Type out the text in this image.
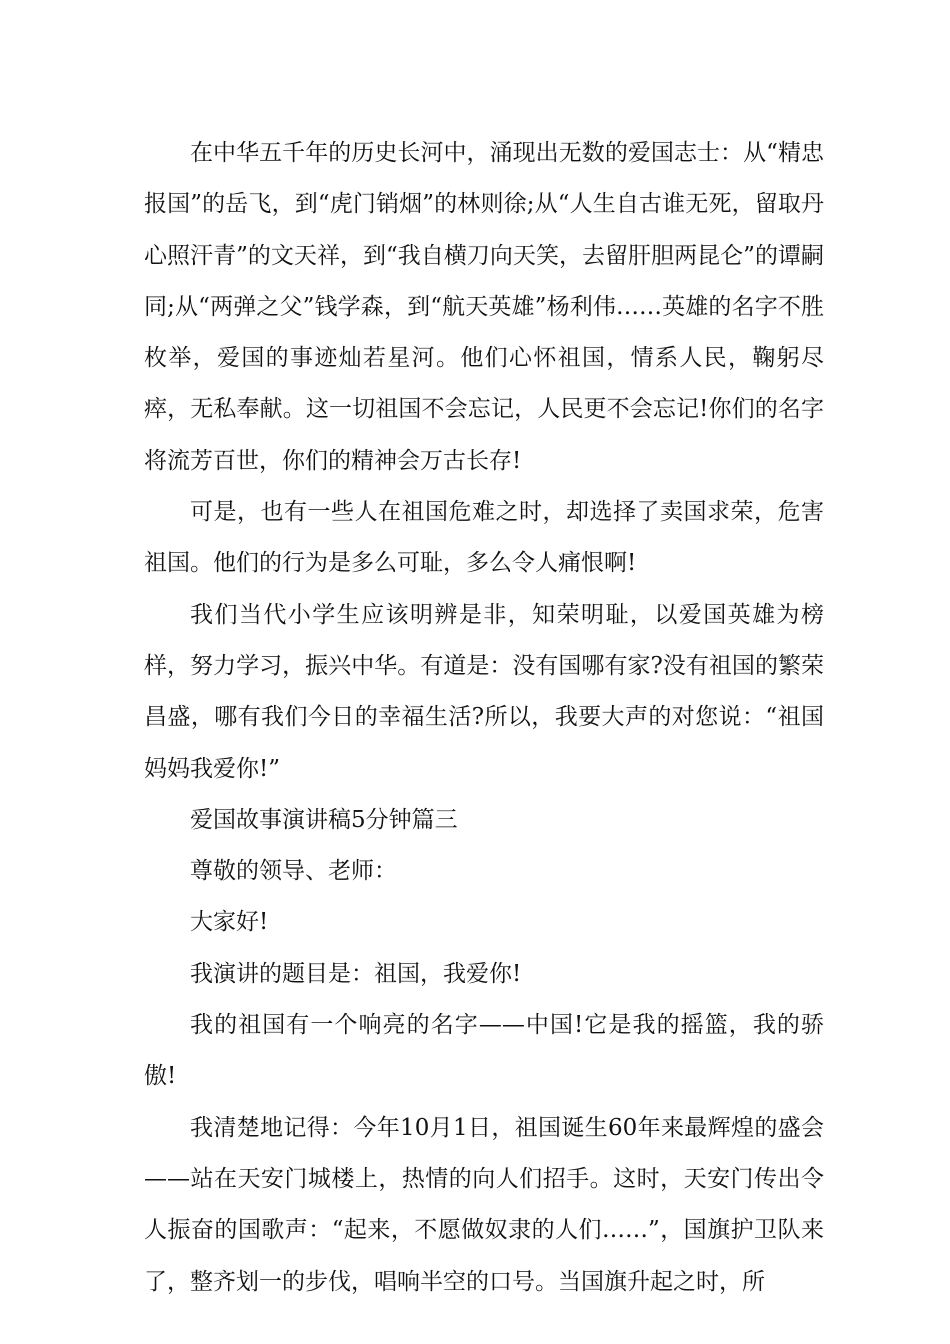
在中华五千年的历史长河中，涌现出无数的爱国志士：从“精忠报国”的岳飞，到“虎门销烟”的林则徐;从“人生自古谁无死，留取丹心照汗青”的文天祥，到“我自横刀向天笑，去留肝胆两昆仑”的谭嗣同;从“两弹之父”钱学森，到“航天英雄”杨利伟……英雄的名字不胜枚举，爱国的事迹灿若星河。他们心怀祖国，情系人民，鞠躬尽瘁，无私奉献。这一切祖国不会忘记，人民更不会忘记!你们的名字将流芳百世，你们的精神会万古长存!

可是，也有一些人在祖国危难之时，却选择了卖国求荣，危害祖国。他们的行为是多么可耻，多么令人痛恨啊!

我们当代小学生应该明辨是非，知荣明耻，以爱国英雄为榜样，努力学习，振兴中华。有道是：没有国哪有家?没有祖国的繁荣昌盛，哪有我们今日的幸福生活?所以，我要大声的对您说：“祖国妈妈我爱你!”

爱国故事演讲稿5分钟篇三

尊敬的领导、老师：

大家好!

我演讲的题目是：祖国，我爱你!

我的祖国有一个响亮的名字——中国!它是我的摇篮，我的骄傲!

我清楚地记得：今年10月1日，祖国诞生60年来最辉煌的盛会——站在天安门城楼上，热情的向人们招手。这时，天安门传出令人振奋的国歌声：“起来，不愿做奴隶的人们……”，国旗护卫队来了，整齐划一的步伐，唱响半空的口号。当国旗升起之时，所
